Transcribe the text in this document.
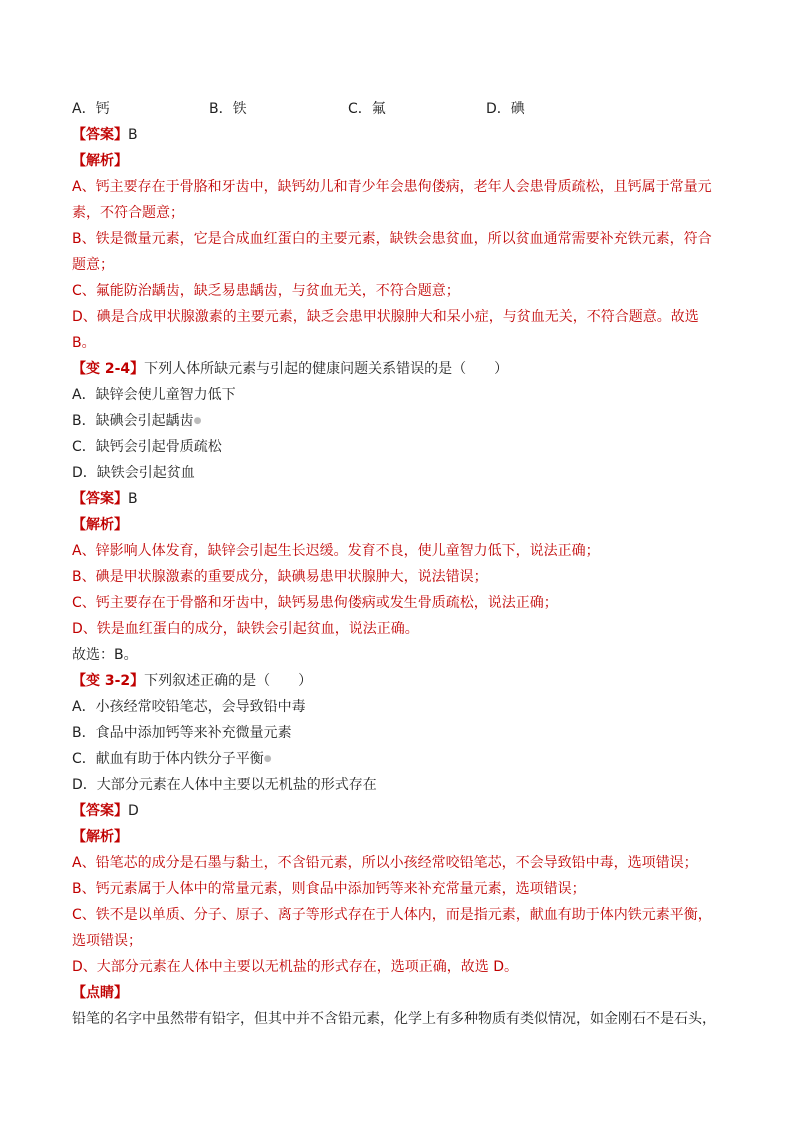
A．钙	B．铁	C．氟	D．碘
【答案】B
【解析】
A、钙主要存在于骨胳和牙齿中，缺钙幼儿和青少年会患佝偻病，老年人会患骨质疏松，且钙属于常量元
素，不符合题意；
B、铁是微量元素，它是合成血红蛋白的主要元素，缺铁会患贫血，所以贫血通常需要补充铁元素，符合
题意；
C、氟能防治龋齿，缺乏易患龋齿，与贫血无关，不符合题意；
D、碘是合成甲状腺激素的主要元素，缺乏会患甲状腺肿大和呆小症，与贫血无关，不符合题意。故选
B。
【变 2-4】下列人体所缺元素与引起的健康问题关系错误的是（　　）
A．缺锌会使儿童智力低下
B．缺碘会引起龋齿●
C．缺钙会引起骨质疏松
D．缺铁会引起贫血
【答案】B
【解析】
A、锌影响人体发育，缺锌会引起生长迟缓。发育不良，使儿童智力低下，说法正确；
B、碘是甲状腺激素的重要成分，缺碘易患甲状腺肿大，说法错误；
C、钙主要存在于骨骼和牙齿中，缺钙易患佝偻病或发生骨质疏松，说法正确；
D、铁是血红蛋白的成分，缺铁会引起贫血，说法正确。
故选：B。
【变 3-2】下列叙述正确的是（　　）
A．小孩经常咬铅笔芯，会导致铅中毒
B．食品中添加钙等来补充微量元素
C．献血有助于体内铁分子平衡●
D．大部分元素在人体中主要以无机盐的形式存在
【答案】D
【解析】
A、铅笔芯的成分是石墨与黏土，不含铅元素，所以小孩经常咬铅笔芯，不会导致铅中毒，选项错误；
B、钙元素属于人体中的常量元素，则食品中添加钙等来补充常量元素，选项错误；
C、铁不是以单质、分子、原子、离子等形式存在于人体内，而是指元素，献血有助于体内铁元素平衡，
选项错误；
D、大部分元素在人体中主要以无机盐的形式存在，选项正确，故选 D。
【点睛】
铅笔的名字中虽然带有铅字，但其中并不含铅元素，化学上有多种物质有类似情况，如金刚石不是石头，
